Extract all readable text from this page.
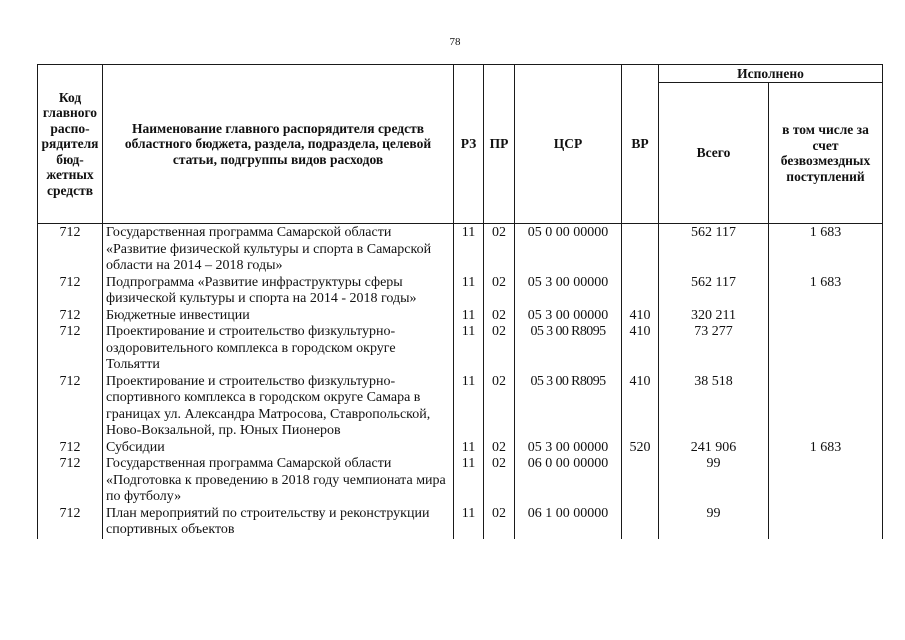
78
Код главного распо-рядителя бюд-жетных средств	Наименование главного распорядителя средств областного бюджета, раздела, подраздела, целевой статьи, подгруппы видов расходов	РЗ	ПР	ЦСР	ВР	Исполнено	
						Всего	в том числе за счет безвозмездных поступлений
712	Государственная программа Самарской области «Развитие физической культуры и спорта в Самарской области на 2014 – 2018 годы»	11	02	05 0 00 00000		562 117	1 683
712	Подпрограмма «Развитие инфраструктуры сферы физической культуры и спорта на 2014 - 2018 годы»	11	02	05 3 00 00000		562 117	1 683
712	Бюджетные инвестиции	11	02	05 3 00 00000	410	320 211	
712	Проектирование и строительство физкультурно-оздоровительного комплекса в городском округе Тольятти	11	02	05 3 00 R8095	410	73 277	
712	Проектирование и строительство физкультурно-спортивного комплекса в городском округе Самара в границах ул. Александра Матросова, Ставропольской, Ново-Вокзальной, пр. Юных Пионеров	11	02	05 3 00 R8095	410	38 518	
712	Субсидии	11	02	05 3 00 00000	520	241 906	1 683
712	Государственная программа Самарской области «Подготовка к проведению в 2018 году чемпионата мира по футболу»	11	02	06 0 00 00000		99	
712	План мероприятий по строительству и реконструкции спортивных объектов	11	02	06 1 00 00000		99	
